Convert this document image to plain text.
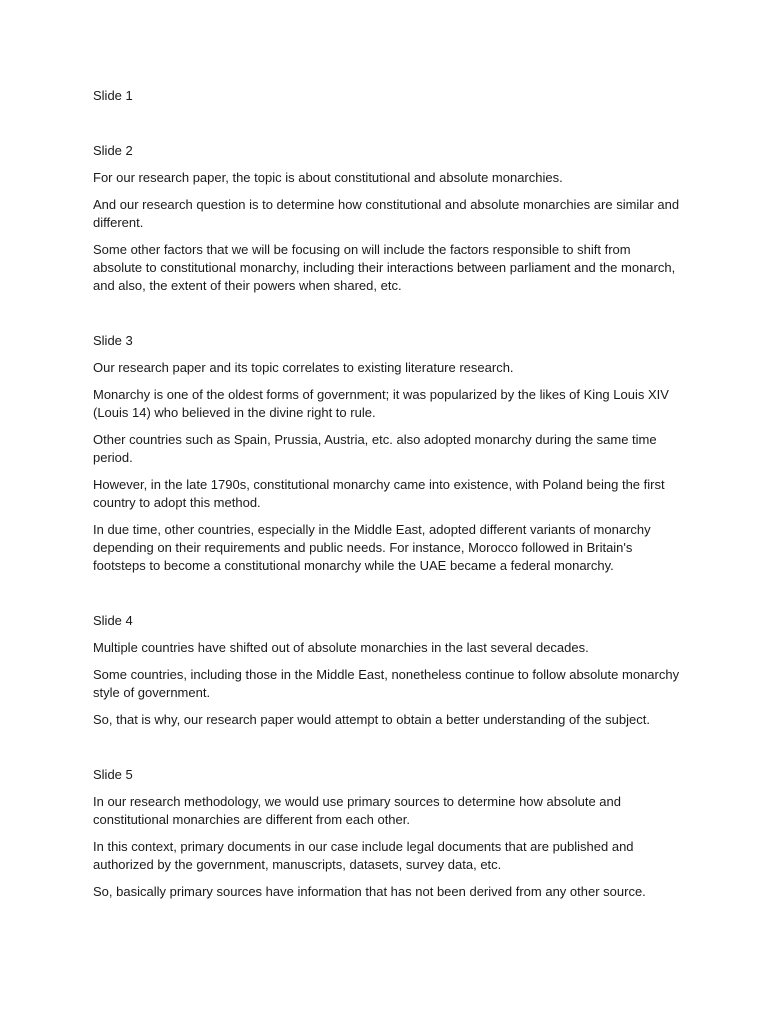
Slide 1

Slide 2

For our research paper, the topic is about constitutional and absolute monarchies.

And our research question is to determine how constitutional and absolute monarchies are similar and different.

Some other factors that we will be focusing on will include the factors responsible to shift from absolute to constitutional monarchy, including their interactions between parliament and the monarch, and also, the extent of their powers when shared, etc.

Slide 3

Our research paper and its topic correlates to existing literature research.

Monarchy is one of the oldest forms of government; it was popularized by the likes of King Louis XIV (Louis 14) who believed in the divine right to rule.

Other countries such as Spain, Prussia, Austria, etc. also adopted monarchy during the same time period.

However, in the late 1790s, constitutional monarchy came into existence, with Poland being the first country to adopt this method.

In due time, other countries, especially in the Middle East, adopted different variants of monarchy depending on their requirements and public needs. For instance, Morocco followed in Britain's footsteps to become a constitutional monarchy while the UAE became a federal monarchy.

Slide 4

Multiple countries have shifted out of absolute monarchies in the last several decades.

Some countries, including those in the Middle East, nonetheless continue to follow absolute monarchy style of government.

So, that is why, our research paper would attempt to obtain a better understanding of the subject.

Slide 5

In our research methodology, we would use primary sources to determine how absolute and constitutional monarchies are different from each other.

In this context, primary documents in our case include legal documents that are published and authorized by the government, manuscripts, datasets, survey data, etc.

So, basically primary sources have information that has not been derived from any other source.
